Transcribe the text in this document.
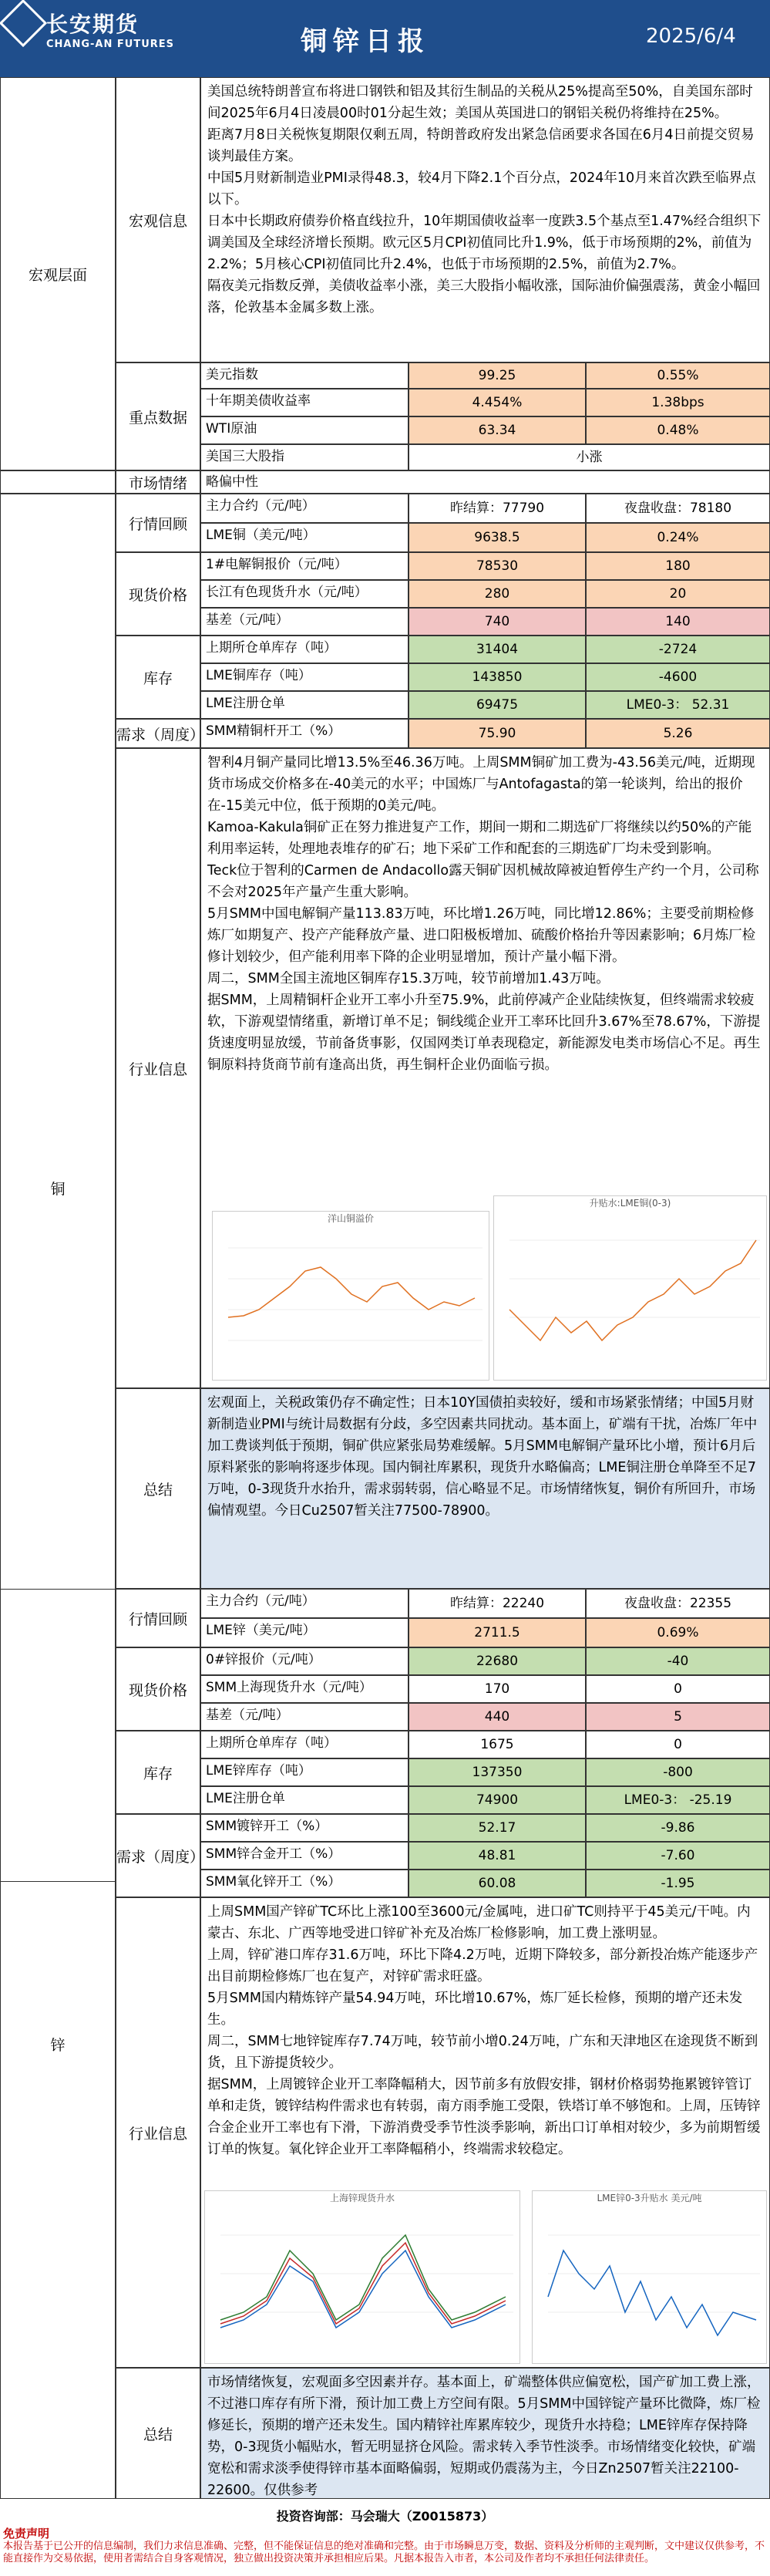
长安期货
CHANG-AN FUTURES	铜锌日报	2025/6/4
宏观层面
宏观信息

美国总统特朗普宣布将进口钢铁和铝及其衍生制品的关税从25%提高至50%，自美国东部时间2025年6月4日凌晨00时01分起生效；美国从英国进口的钢铝关税仍将维持在25%。

距离7月8日关税恢复期限仅剩五周，特朗普政府发出紧急信函要求各国在6月4日前提交贸易谈判最佳方案。

中国5月财新制造业PMI录得48.3，较4月下降2.1个百分点，2024年10月来首次跌至临界点以下。

日本中长期政府债券价格直线拉升，10年期国债收益率一度跌3.5个基点至1.47%经合组织下调美国及全球经济增长预期。欧元区5月CPI初值同比升1.9%，低于市场预期的2%，前值为2.2%；5月核心CPI初值同比升2.4%，也低于市场预期的2.5%，前值为2.7%。

隔夜美元指数反弹，美债收益率小涨，美三大股指小幅收涨，国际油价偏强震荡，黄金小幅回落，伦敦基本金属多数上涨。

重点数据
美元指数	99.25	0.55%
十年期美债收益率	4.454%	1.38bps
WTI原油	63.34	0.48%
美国三大股指	小涨
市场情绪	略偏中性
铜
行情回顾
主力合约（元/吨）	昨结算：77790	夜盘收盘：78180
LME铜（美元/吨）	9638.5	0.24%
现货价格
1#电解铜报价（元/吨）	78530	180
长江有色现货升水（元/吨）	280	20
基差（元/吨）	740	140
库存
上期所仓单库存（吨）	31404	-2724
LME铜库存（吨）	143850	-4600
LME注册仓单	69475	LME0-3： 52.31
需求（周度） SMM精铜杆开工（%）	75.90	5.26
行业信息

智利4月铜产量同比增13.5%至46.36万吨。上周SMM铜矿加工费为-43.56美元/吨，近期现货市场成交价格多在-40美元的水平；中国炼厂与Antofagasta的第一轮谈判，给出的报价在-15美元中位，低于预期的0美元/吨。

Kamoa-Kakula铜矿正在努力推进复产工作，期间一期和二期选矿厂将继续以约50%的产能利用率运转，处理地表堆存的矿石；地下采矿工作和配套的三期选矿厂均未受到影响。

Teck位于智利的Carmen de Andacollo露天铜矿因机械故障被迫暂停生产约一个月，公司称不会对2025年产量产生重大影响。

5月SMM中国电解铜产量113.83万吨，环比增1.26万吨，同比增12.86%；主要受前期检修炼厂如期复产、投产产能释放产量、进口阳极板增加、硫酸价格抬升等因素影响；6月炼厂检修计划较少，但产能利用率下降的企业明显增加，预计产量小幅下滑。

周二，SMM全国主流地区铜库存15.3万吨，较节前增加1.43万吨。

据SMM，上周精铜杆企业开工率小升至75.9%，此前停减产企业陆续恢复，但终端需求较疲软，下游观望情绪重，新增订单不足；铜线缆企业开工率环比回升3.67%至78.67%，下游提货速度明显放缓，节前备货事影，仅国网类订单表现稳定，新能源发电类市场信心不足。再生铜原料持货商节前有逢高出货，再生铜杆企业仍面临亏损。

洋山铜溢价
升贴水:LME铜(0-3)
总结
宏观面上，关税政策仍存不确定性；日本10Y国债拍卖较好，缓和市场紧张情绪；中国5月财新制造业PMI与统计局数据有分歧，多空因素共同扰动。基本面上，矿端有干扰，冶炼厂年中加工费谈判低于预期，铜矿供应紧张局势难缓解。5月SMM电解铜产量环比小增，预计6月后原料紧张的影响将逐步体现。国内铜社库累积，现货升水略偏高；LME铜注册仓单降至不足7万吨，0-3现货升水抬升，需求弱转弱，信心略显不足。市场情绪恢复，铜价有所回升，市场偏情观望。今日Cu2507暂关注77500-78900。
锌
行情回顾
主力合约（元/吨）	昨结算：22240	夜盘收盘：22355
LME锌（美元/吨）	2711.5	0.69%
现货价格
0#锌报价（元/吨）	22680	-40
SMM上海现货升水（元/吨）	170	0
基差（元/吨）	440	5
库存
上期所仓单库存（吨）	1675	0
LME锌库存（吨）	137350	-800
LME注册仓单	74900	LME0-3： -25.19
需求（周度）
SMM镀锌开工（%）	52.17	-9.86
SMM锌合金开工（%）	48.81	-7.60
SMM氧化锌开工（%）	60.08	-1.95
行业信息

上周SMM国产锌矿TC环比上涨100至3600元/金属吨，进口矿TC则持平于45美元/干吨。内蒙古、东北、广西等地受进口锌矿补充及冶炼厂检修影响，加工费上涨明显。

上周，锌矿港口库存31.6万吨，环比下降4.2万吨，近期下降较多，部分新投冶炼产能逐步产出目前期检修炼厂也在复产，对锌矿需求旺盛。

5月SMM国内精炼锌产量54.94万吨，环比增10.67%，炼厂延长检修，预期的增产还未发生。

周二，SMM七地锌锭库存7.74万吨，较节前小增0.24万吨，广东和天津地区在途现货不断到货，且下游提货较少。

据SMM，上周镀锌企业开工率降幅稍大，因节前多有放假安排，钢材价格弱势拖累镀锌管订单和走货，镀锌结构件需求也有转弱，南方雨季施工受限，铁塔订单不够饱和。上周，压铸锌合金企业开工率也有下滑，下游消费受季节性淡季影响，新出口订单相对较少，多为前期暂缓订单的恢复。氧化锌企业开工率降幅稍小，终端需求较稳定。

上海锌现货升水	LME锌0-3升贴水 美元/吨
总结
市场情绪恢复，宏观面多空因素并存。基本面上，矿端整体供应偏宽松，国产矿加工费上涨，不过港口库存有所下滑，预计加工费上方空间有限。5月SMM中国锌锭产量环比微降，炼厂检修延长，预期的增产还未发生。国内精锌社库累库较少，现货升水持稳；LME锌库存保持降势，0-3现货小幅贴水，暂无明显挤仓风险。需求转入季节性淡季。市场情绪变化较快，矿端宽松和需求淡季使得锌市基本面略偏弱，短期或仍震荡为主，今日Zn2507暂关注22100-22600。仅供参考
投资咨询部：马会瑞大（Z0015873）
免责声明
本报告基于已公开的信息编制，我们力求信息准确、完整，但不能保证信息的绝对准确和完整。由于市场瞬息万变，数据、资料及分析师的主观判断，文中建议仅供参考，不能直接作为交易依据，使用者需结合自身客观情况，独立做出投资决策并承担相应后果。凡据本报告入市者，本公司及作者均不承担任何法律责任。
